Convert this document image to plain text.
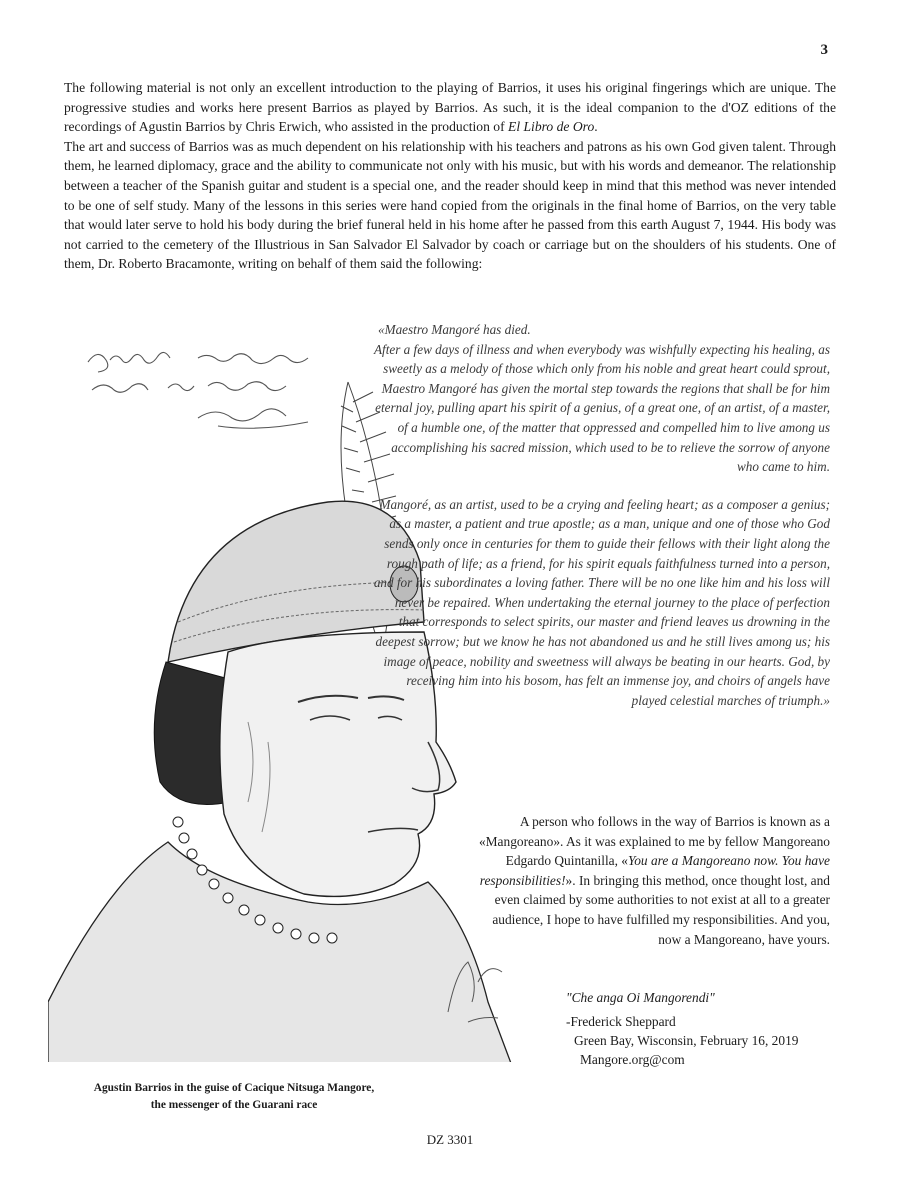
3

The following material is not only an excellent introduction to the playing of Barrios, it uses his original fingerings which are unique. The progressive studies and works here present Barrios as played by Barrios. As such, it is the ideal companion to the d'OZ editions of the recordings of Agustin Barrios by Chris Erwich, who assisted in the production of El Libro de Oro.

The art and success of Barrios was as much dependent on his relationship with his teachers and patrons as his own God given talent. Through them, he learned diplomacy, grace and the ability to communicate not only with his music, but with his words and demeanor. The relationship between a teacher of the Spanish guitar and student is a special one, and the reader should keep in mind that this method was never intended to be one of self study. Many of the lessons in this series were hand copied from the originals in the final home of Barrios, on the very table that would later serve to hold his body during the brief funeral held in his home after he passed from this earth August 7, 1944. His body was not carried to the cemetery of the Illustrious in San Salvador El Salvador by coach or carriage but on the shoulders of his students. One of them, Dr. Roberto Bracamonte, writing on behalf of them said the following:

«Maestro Mangoré has died.

After a few days of illness and when everybody was wishfully expecting his healing, as sweetly as a melody of those which only from his noble and great heart could sprout, Maestro Mangoré has given the mortal step towards the regions that shall be for him eternal joy, pulling apart his spirit of a genius, of a great one, of an artist, of a master, of a humble one, of the matter that oppressed and compelled him to live among us accomplishing his sacred mission, which used to be to relieve the sorrow of anyone who came to him.

Mangoré, as an artist, used to be a crying and feeling heart; as a composer a genius; as a master, a patient and true apostle; as a man, unique and one of those who God sends only once in centuries for them to guide their fellows with their light along the rough path of life; as a friend, for his spirit equals faithfulness turned into a person, and for his subordinates a loving father. There will be no one like him and his loss will never be repaired. When undertaking the eternal journey to the place of perfection that corresponds to select spirits, our master and friend leaves us drowning in the deepest sorrow; but we know he has not abandoned us and he still lives among us; his image of peace, nobility and sweetness will always be beating in our hearts. God, by receiving him into his bosom, has felt an immense joy, and choirs of angels have played celestial marches of triumph.»

A person who follows in the way of Barrios is known as a «Mangoreano». As it was explained to me by fellow Mangoreano Edgardo Quintanilla, «You are a Mangoreano now. You have responsibilities!». In bringing this method, once thought lost, and even claimed by some authorities to not exist at all to a greater audience, I hope to have fulfilled my responsibilities. And you, now a Mangoreano, have yours.

"Che anga Oi Mangorendi"
-Frederick Sheppard
Green Bay, Wisconsin, February 16, 2019
Mangore.org@com
Agustin Barrios in the guise of Cacique Nitsuga Mangore,
the messenger of the Guarani race
DZ 3301
